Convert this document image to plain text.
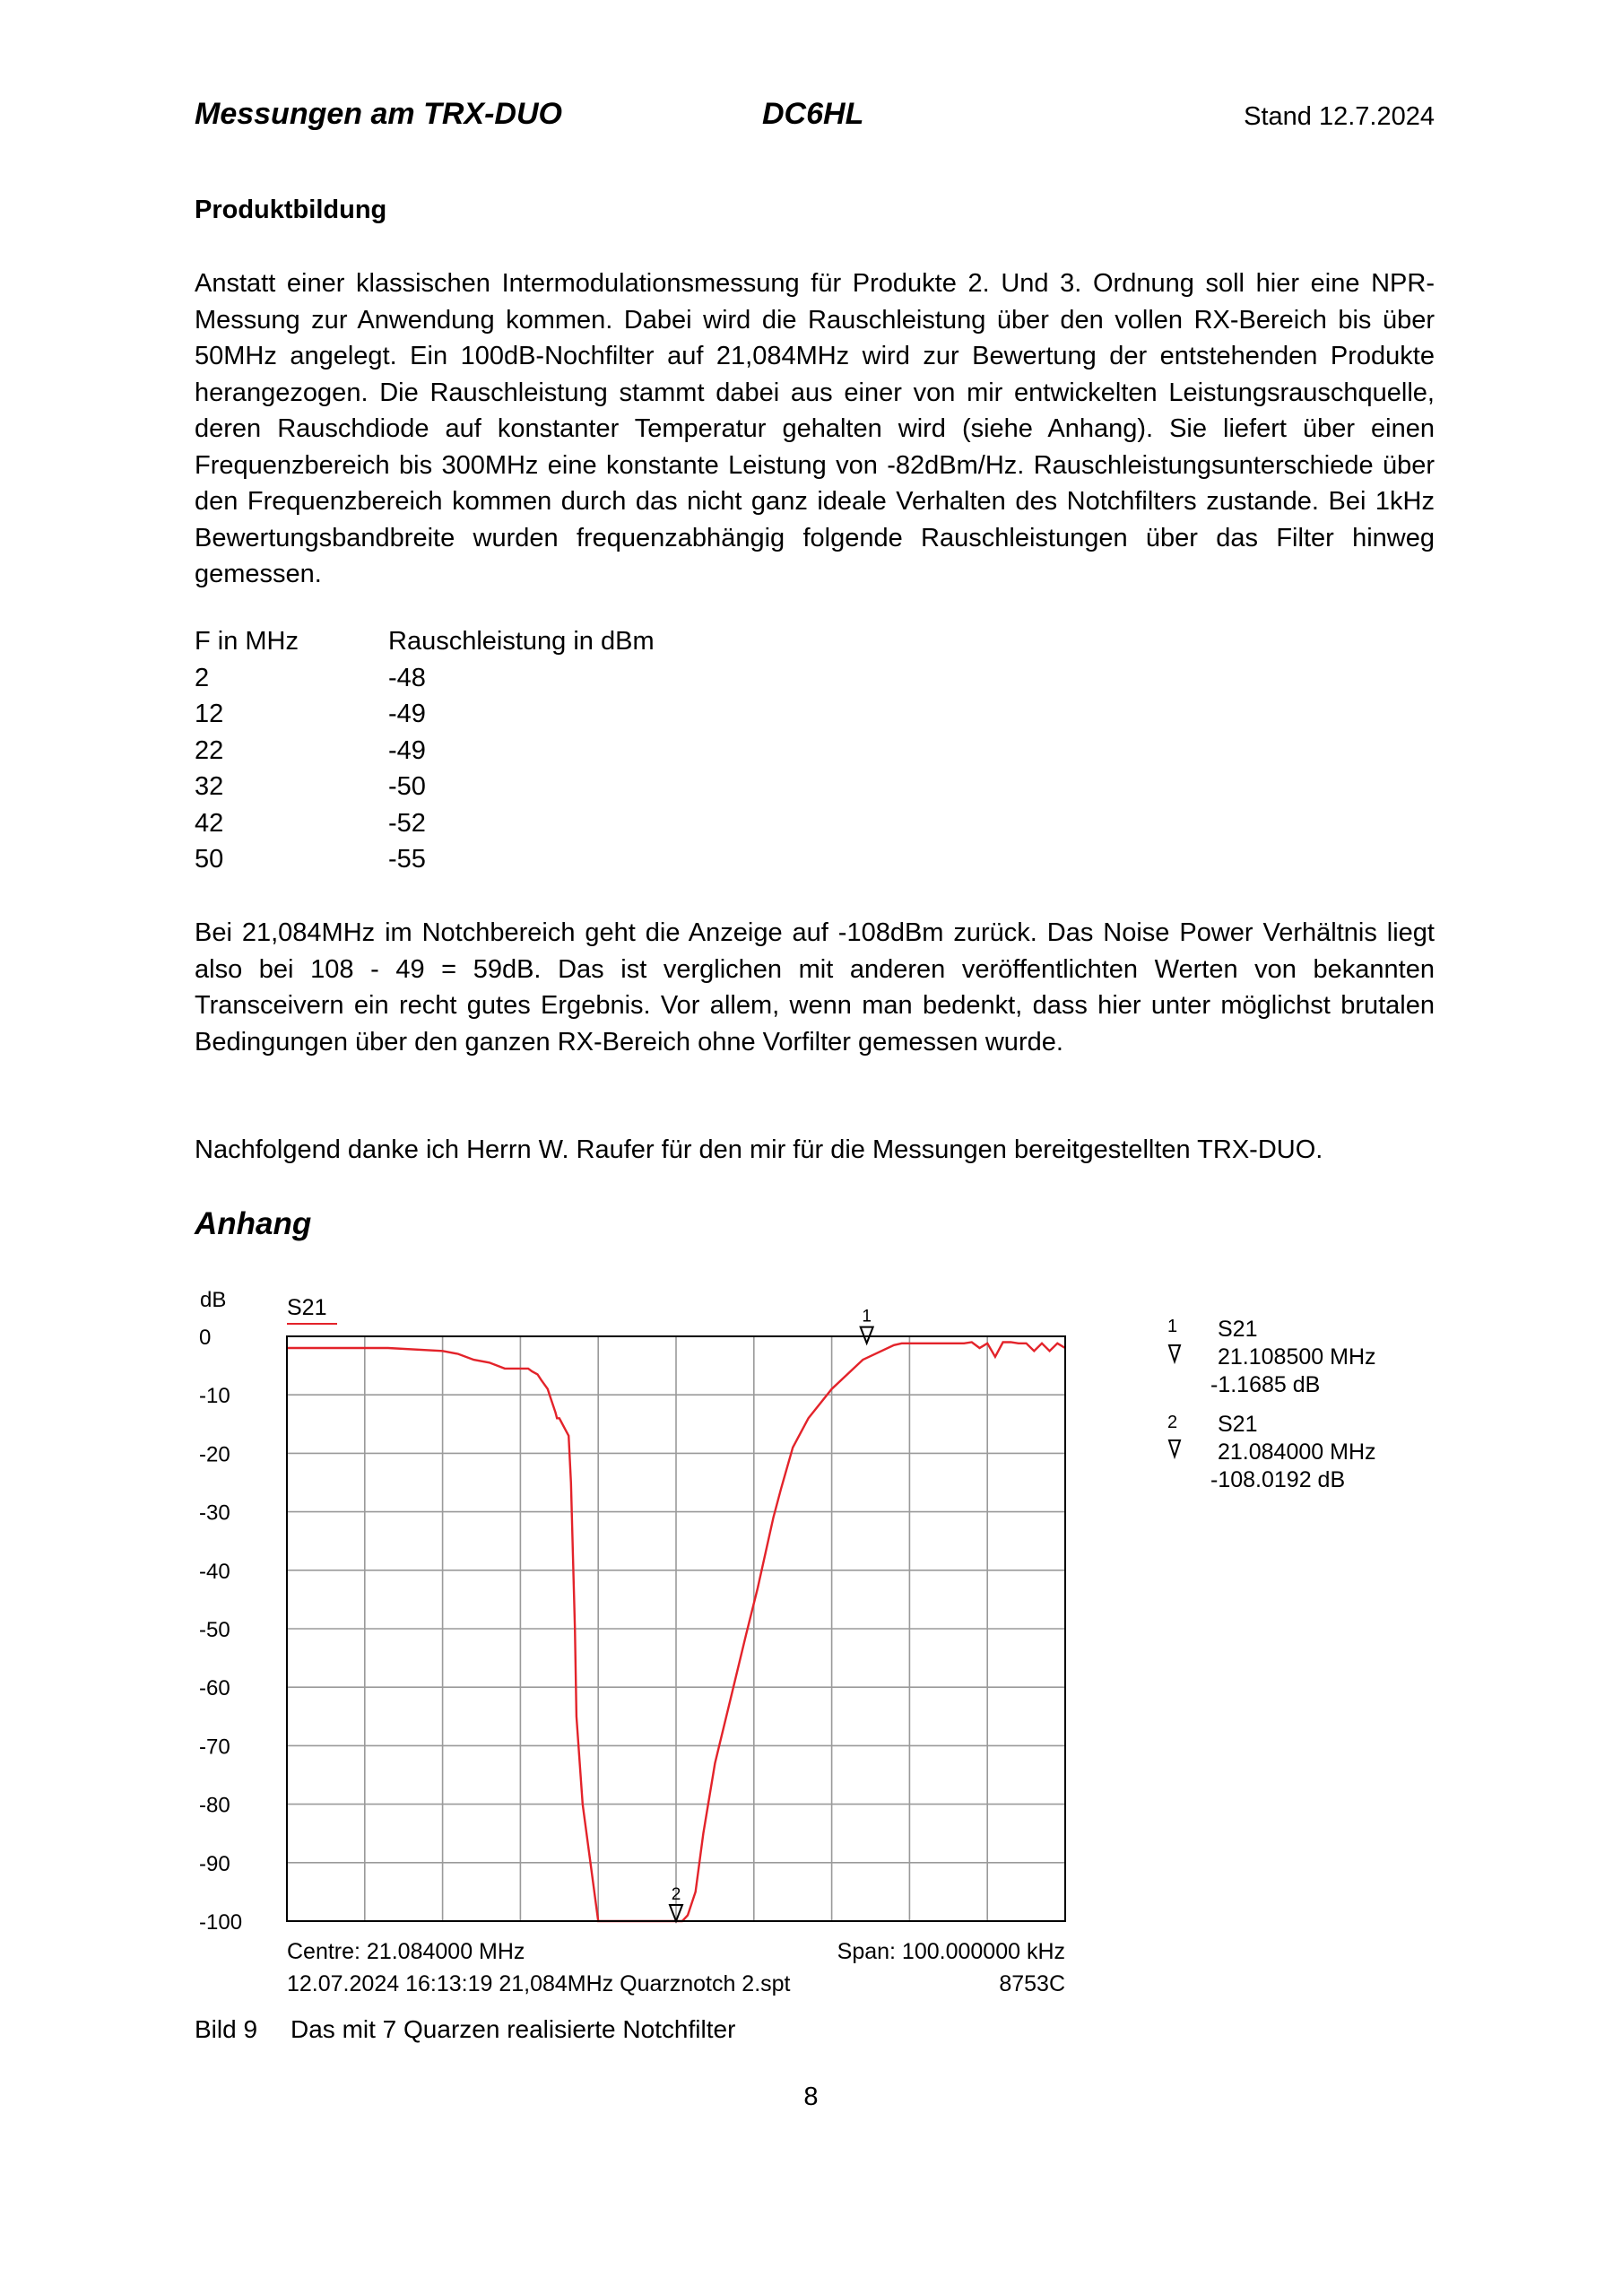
Messungen am TRX-DUO	DC6HL	Stand 12.7.2024
Produktbildung

Anstatt einer klassischen Intermodulationsmessung für Produkte 2. Und 3. Ordnung soll hier eine NPR-Messung zur Anwendung kommen. Dabei wird die Rauschleistung über den vollen RX-Bereich bis über 50MHz angelegt. Ein 100dB-Nochfilter auf 21,084MHz wird zur Bewertung der entstehenden Produkte herangezogen. Die Rauschleistung stammt dabei aus einer von mir entwickelten Leistungsrauschquelle, deren Rauschdiode auf konstanter Temperatur gehalten wird (siehe Anhang). Sie liefert über einen Frequenzbereich bis 300MHz eine konstante Leistung von -82dBm/Hz. Rauschleistungsunterschiede über den Frequenzbereich kommen durch das nicht ganz ideale Verhalten des Notchfilters zustande. Bei 1kHz Bewertungsbandbreite wurden frequenzabhängig folgende Rauschleistungen über das Filter hinweg gemessen.

F in MHz	Rauschleistung in dBm
2	-48
12	-49
22	-49
32	-50
42	-52
50	-55

Bei 21,084MHz im Notchbereich geht die Anzeige auf -108dBm zurück. Das Noise Power Verhältnis liegt also bei 108 - 49 = 59dB. Das ist verglichen mit anderen veröffentlichten Werten von bekannten Transceivern ein recht gutes Ergebnis. Vor allem, wenn man bedenkt, dass hier unter möglichst brutalen Bedingungen über den ganzen RX-Bereich ohne Vorfilter gemessen wurde.

Nachfolgend danke ich Herrn W. Raufer für den mir für die Messungen bereitgestellten TRX-DUO.

Anhang
dB	S21
0
-10
-20
-30
-40
-50
-60
-70
-80
-90
-100
1
2
1 S21
21.108500 MHz
-1.1685 dB
2 S21
21.084000 MHz
-108.0192 dB
Centre: 21.084000 MHz	Span: 100.000000 kHz
12.07.2024 16:13:19 21,084MHz Quarznotch 2.spt	8753C
Bild 9 Das mit 7 Quarzen realisierte Notchfilter
8
